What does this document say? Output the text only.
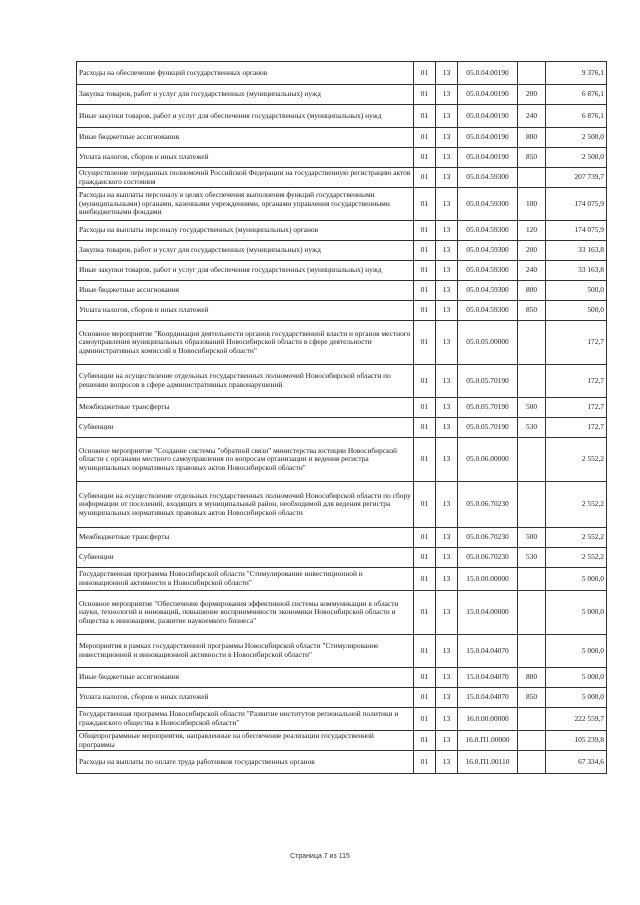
Расходы на обеспечение функций государственных органов	01	13	05.0.04.00190		9 376,1
Закупка товаров, работ и услуг для государственных (муниципальных) нужд	01	13	05.0.04.00190	200	6 876,1
Иные закупки товаров, работ и услуг для обеспечения государственных (муниципальных) нужд	01	13	05.0.04.00190	240	6 876,1
Иные бюджетные ассигнования	01	13	05.0.04.00190	800	2 500,0
Уплата налогов, сборов и иных платежей	01	13	05.0.04.00190	850	2 500,0
Осуществление переданных полномочий Российской Федерации на государственную регистрацию актов гражданского состояния	01	13	05.0.04.59300		207 739,7
Расходы на выплаты персоналу в целях обеспечения выполнения функций государственными (муниципальными) органами, казенными учреждениями, органами управления государственными внебюджетными фондами	01	13	05.0.04.59300	100	174 075,9
Расходы на выплаты персоналу государственных (муниципальных) органов	01	13	05.0.04.59300	120	174 075,9
Закупка товаров, работ и услуг для государственных (муниципальных) нужд	01	13	05.0.04.59300	200	33 163,8
Иные закупки товаров, работ и услуг для обеспечения государственных (муниципальных) нужд	01	13	05.0.04.59300	240	33 163,8
Иные бюджетные ассигнования	01	13	05.0.04.59300	800	500,0
Уплата налогов, сборов и иных платежей	01	13	05.0.04.59300	850	500,0
Основное мероприятие "Координация деятельности органов государственной власти и органов местного самоуправления муниципальных образований Новосибирской области в сфере деятельности административных комиссий в Новосибирской области"	01	13	05.0.05.00000		172,7
Субвенции на осуществление отдельных государственных полномочий Новосибирской области по решению вопросов в сфере административных правонарушений	01	13	05.0.05.70190		172,7
Межбюджетные трансферты	01	13	05.0.05.70190	500	172,7
Субвенции	01	13	05.0.05.70190	530	172,7
Основное мероприятие "Создание системы "обратной связи" министерства юстиции Новосибирской области с органами местного самоуправления по вопросам организации и ведения регистра муниципальных нормативных правовых актов Новосибирской области"	01	13	05.0.06.00000		2 552,2
Субвенции на осуществление отдельных государственных полномочий Новосибирской области по сбору информации от поселений, входящих в муниципальный район, необходимой для ведения регистра муниципальных нормативных правовых актов Новосибирской области	01	13	05.0.06.70230		2 552,2
Межбюджетные трансферты	01	13	05.0.06.70230	500	2 552,2
Субвенции	01	13	05.0.06.70230	530	2 552,2
Государственная программа Новосибирской области "Стимулирование инвестиционной и инновационной активности в Новосибирской области"	01	13	15.0.00.00000		5 000,0
Основное мероприятие "Обеспечение формирования эффективной системы коммуникации в области науки, технологий и инноваций, повышение восприимчивости экономики Новосибирской области и общества к инновациям, развитие наукоемкого бизнеса"	01	13	15.0.04.00000		5 000,0
Мероприятия в рамках государственной программы Новосибирской области "Стимулирование инвестиционной и инновационной активности в Новосибирской области"	01	13	15.0.04.04070		5 000,0
Иные бюджетные ассигнования	01	13	15.0.04.04070	800	5 000,0
Уплата налогов, сборов и иных платежей	01	13	15.0.04.04070	850	5 000,0
Государственная программа Новосибирской области "Развитие институтов региональной политики и гражданского общества в Новосибирской области"	01	13	16.0.00.00000		222 559,7
Общепрограммные мероприятия, направленные на обеспечение реализации государственной программы	01	13	16.0.П1.00000		105 239,8
Расходы на выплаты по оплате труда работников государственных органов	01	13	16.0.П1.00110		67 334,6
Страница 7 из 115
